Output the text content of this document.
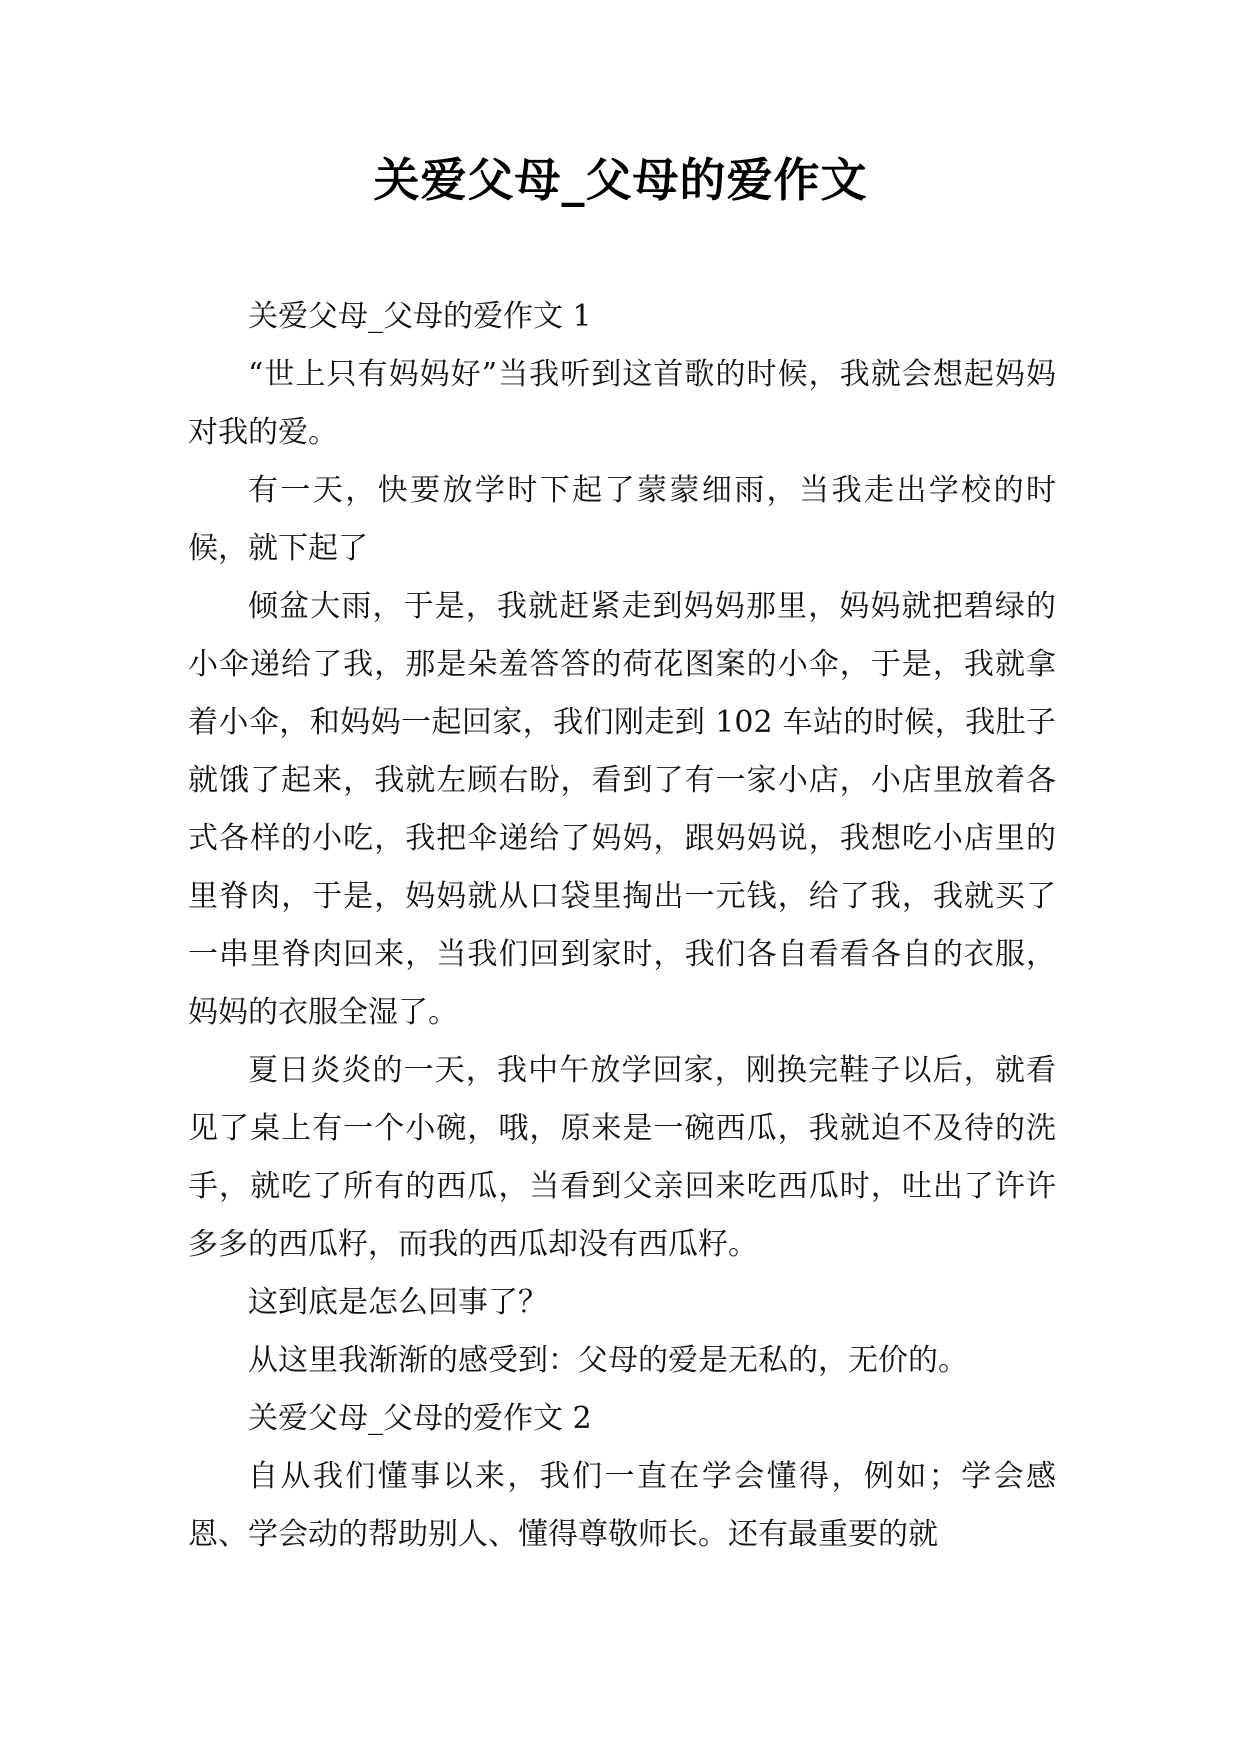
关爱父母_父母的爱作文

关爱父母_父母的爱作文 1

“世上只有妈妈好”当我听到这首歌的时候，我就会想起妈妈对我的爱。

有一天，快要放学时下起了蒙蒙细雨，当我走出学校的时候，就下起了

倾盆大雨，于是，我就赶紧走到妈妈那里，妈妈就把碧绿的小伞递给了我，那是朵羞答答的荷花图案的小伞，于是，我就拿着小伞，和妈妈一起回家，我们刚走到 102 车站的时候，我肚子就饿了起来，我就左顾右盼，看到了有一家小店，小店里放着各式各样的小吃，我把伞递给了妈妈，跟妈妈说，我想吃小店里的里脊肉，于是，妈妈就从口袋里掏出一元钱，给了我，我就买了一串里脊肉回来，当我们回到家时，我们各自看看各自的衣服，妈妈的衣服全湿了。

夏日炎炎的一天，我中午放学回家，刚换完鞋子以后，就看见了桌上有一个小碗，哦，原来是一碗西瓜，我就迫不及待的洗手，就吃了所有的西瓜，当看到父亲回来吃西瓜时，吐出了许许多多的西瓜籽，而我的西瓜却没有西瓜籽。

这到底是怎么回事了？

从这里我渐渐的感受到：父母的爱是无私的，无价的。

关爱父母_父母的爱作文 2

自从我们懂事以来，我们一直在学会懂得，例如；学会感恩、学会动的帮助别人、懂得尊敬师长。还有最重要的就
